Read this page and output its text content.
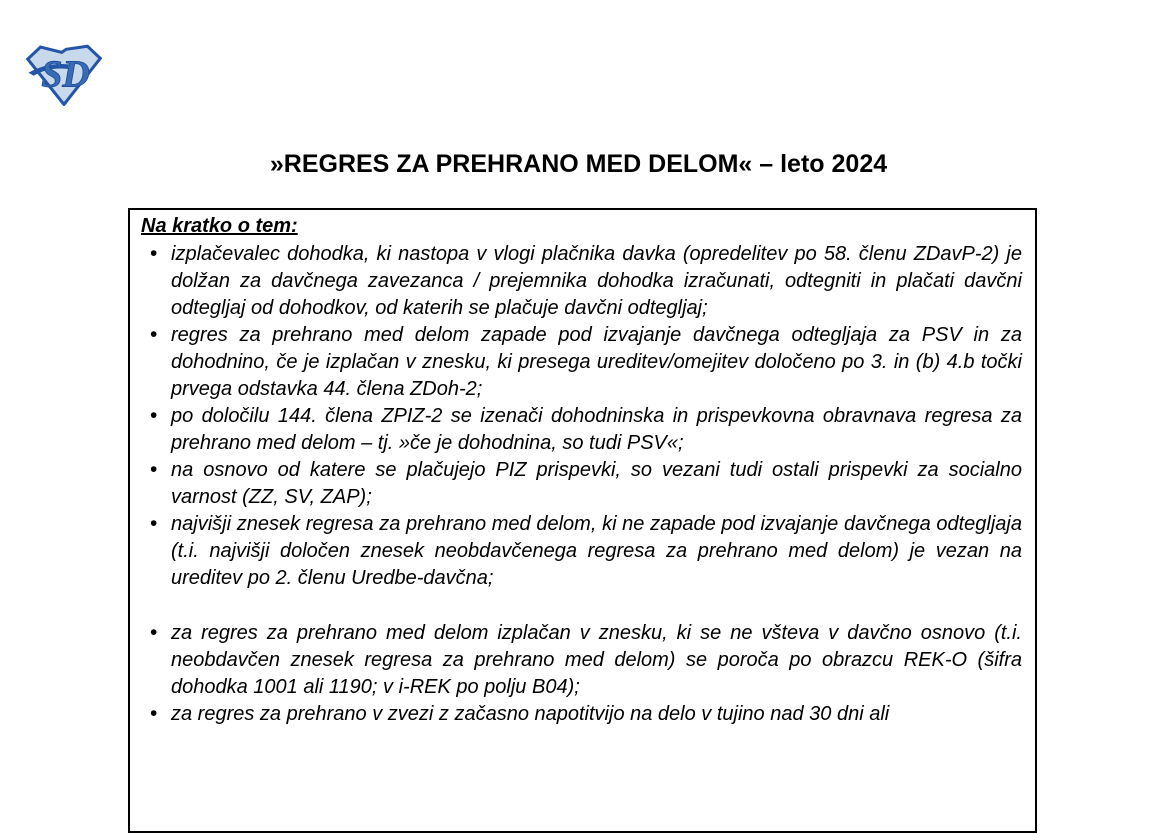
SD
»REGRES ZA PREHRANO MED DELOM« – leto 2024
Na kratko o tem:
• izplačevalec dohodka, ki nastopa v vlogi plačnika davka (opredelitev po 58. členu ZDavP-2) je dolžan za davčnega zavezanca / prejemnika dohodka izračunati, odtegniti in plačati davčni odtegljaj od dohodkov, od katerih se plačuje davčni odtegljaj;
• regres za prehrano med delom zapade pod izvajanje davčnega odtegljaja za PSV in za dohodnino, če je izplačan v znesku, ki presega ureditev/omejitev določeno po 3. in (b) 4.b točki prvega odstavka 44. člena ZDoh-2;
• po določilu 144. člena ZPIZ-2 se izenači dohodninska in prispevkovna obravnava regresa za prehrano med delom – tj. »če je dohodnina, so tudi PSV«;
• na osnovo od katere se plačujejo PIZ prispevki, so vezani tudi ostali prispevki za socialno varnost (ZZ, SV, ZAP);
• najvišji znesek regresa za prehrano med delom, ki ne zapade pod izvajanje davčnega odtegljaja (t.i. najvišji določen znesek neobdavčenega regresa za prehrano med delom) je vezan na ureditev po 2. členu Uredbe-davčna;
• za regres za prehrano med delom izplačan v znesku, ki se ne všteva v davčno osnovo (t.i. neobdavčen znesek regresa za prehrano med delom) se poroča po obrazcu REK-O (šifra dohodka 1001 ali 1190; v i-REK po polju B04);
• za regres za prehrano v zvezi z začasno napotitvijo na delo v tujino nad 30 dni ali
